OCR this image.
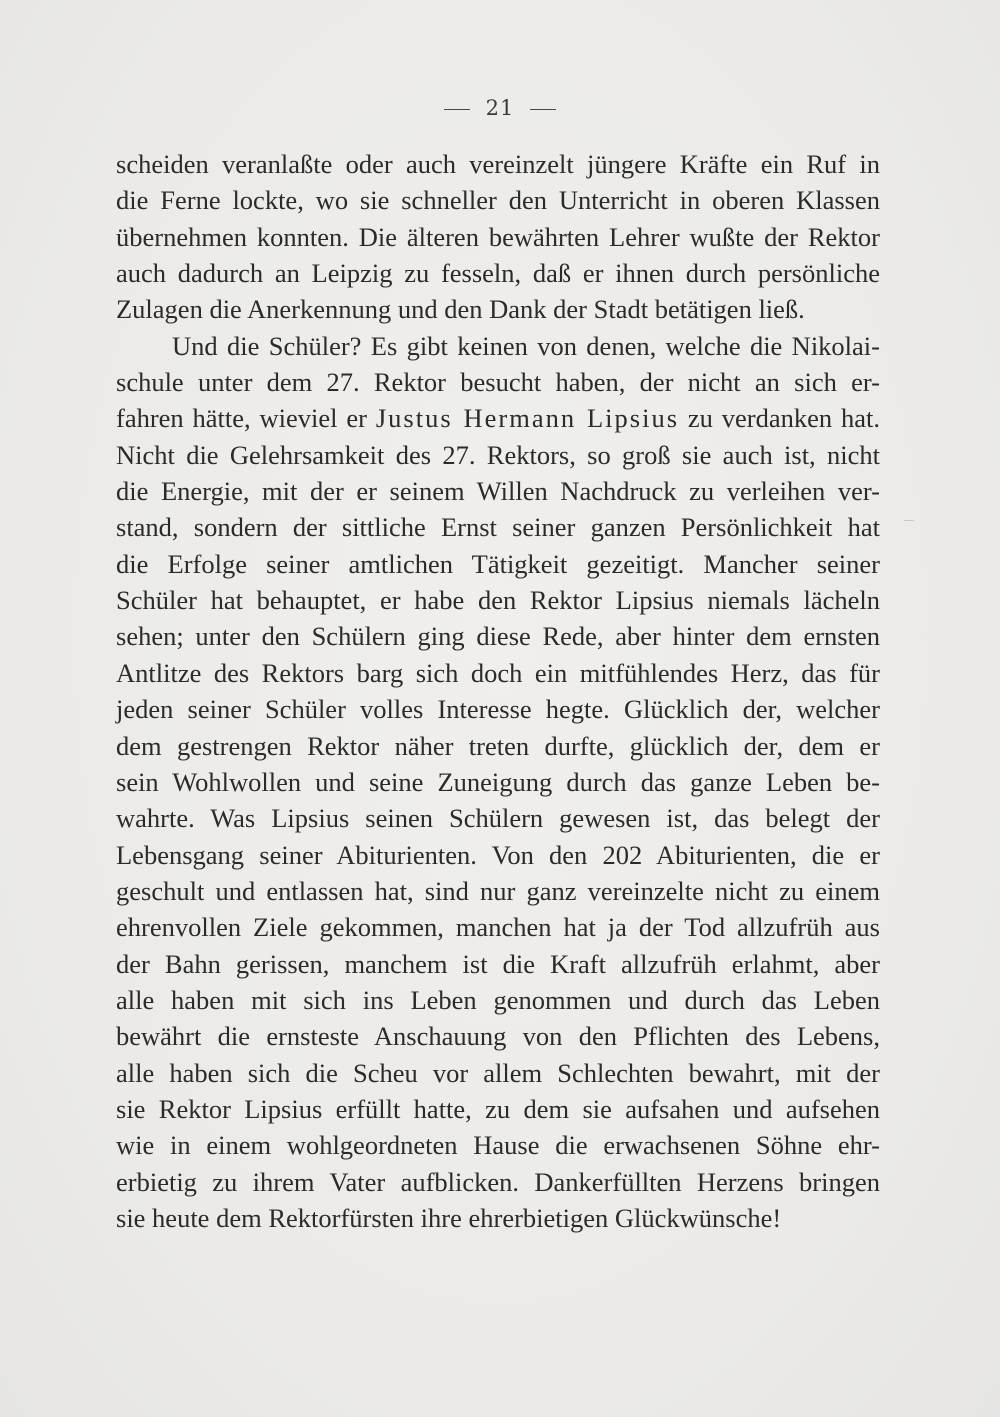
21
scheiden veranlaßte oder auch vereinzelt jüngere Kräfte ein Ruf in
die Ferne lockte, wo sie schneller den Unterricht in oberen Klassen
übernehmen konnten. Die älteren bewährten Lehrer wußte der Rektor
auch dadurch an Leipzig zu fesseln, daß er ihnen durch persönliche
Zulagen die Anerkennung und den Dank der Stadt betätigen ließ.
Und die Schüler? Es gibt keinen von denen, welche die Nikolai-
schule unter dem 27. Rektor besucht haben, der nicht an sich er-
fahren hätte, wieviel er Justus Hermann Lipsius zu verdanken hat.
Nicht die Gelehrsamkeit des 27. Rektors, so groß sie auch ist, nicht
die Energie, mit der er seinem Willen Nachdruck zu verleihen ver-
stand, sondern der sittliche Ernst seiner ganzen Persönlichkeit hat
die Erfolge seiner amtlichen Tätigkeit gezeitigt. Mancher seiner
Schüler hat behauptet, er habe den Rektor Lipsius niemals lächeln
sehen; unter den Schülern ging diese Rede, aber hinter dem ernsten
Antlitze des Rektors barg sich doch ein mitfühlendes Herz, das für
jeden seiner Schüler volles Interesse hegte. Glücklich der, welcher
dem gestrengen Rektor näher treten durfte, glücklich der, dem er
sein Wohlwollen und seine Zuneigung durch das ganze Leben be-
wahrte. Was Lipsius seinen Schülern gewesen ist, das belegt der
Lebensgang seiner Abiturienten. Von den 202 Abiturienten, die er
geschult und entlassen hat, sind nur ganz vereinzelte nicht zu einem
ehrenvollen Ziele gekommen, manchen hat ja der Tod allzufrüh aus
der Bahn gerissen, manchem ist die Kraft allzufrüh erlahmt, aber
alle haben mit sich ins Leben genommen und durch das Leben
bewährt die ernsteste Anschauung von den Pflichten des Lebens,
alle haben sich die Scheu vor allem Schlechten bewahrt, mit der
sie Rektor Lipsius erfüllt hatte, zu dem sie aufsahen und aufsehen
wie in einem wohlgeordneten Hause die erwachsenen Söhne ehr-
erbietig zu ihrem Vater aufblicken. Dankerfüllten Herzens bringen
sie heute dem Rektorfürsten ihre ehrerbietigen Glückwünsche!
